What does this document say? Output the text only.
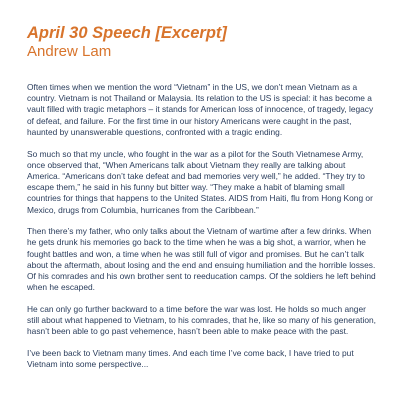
April 30 Speech [Excerpt]
Andrew Lam

Often times when we mention the word “Vietnam” in the US, we don’t mean Vietnam as a country. Vietnam is not Thailand or Malaysia. Its relation to the US is special: it has become a vault filled with tragic metaphors – it stands for American loss of innocence, of tragedy, legacy of defeat, and failure. For the first time in our history Americans were caught in the past, haunted by unanswerable questions, confronted with a tragic ending.

So much so that my uncle, who fought in the war as a pilot for the South Vietnamese Army, once observed that, “When Americans talk about Vietnam they really are talking about America. “Americans don’t take defeat and bad memories very well,” he added. “They try to escape them,” he said in his funny but bitter way. “They make a habit of blaming small countries for things that happens to the United States. AIDS from Haiti, flu from Hong Kong or Mexico, drugs from Columbia, hurricanes from the Caribbean.”

Then there’s my father, who only talks about the Vietnam of wartime after a few drinks. When he gets drunk his memories go back to the time when he was a big shot, a warrior, when he fought battles and won, a time when he was still full of vigor and promises. But he can’t talk about the aftermath, about losing and the end and ensuing humiliation and the horrible losses. Of his comrades and his own brother sent to reeducation camps. Of the soldiers he left behind when he escaped.

He can only go further backward to a time before the war was lost. He holds so much anger still about what happened to Vietnam, to his comrades, that he, like so many of his generation, hasn’t been able to go past vehemence, hasn’t been able to make peace with the past.

I’ve been back to Vietnam many times. And each time I’ve come back, I have tried to put Vietnam into some perspective...
